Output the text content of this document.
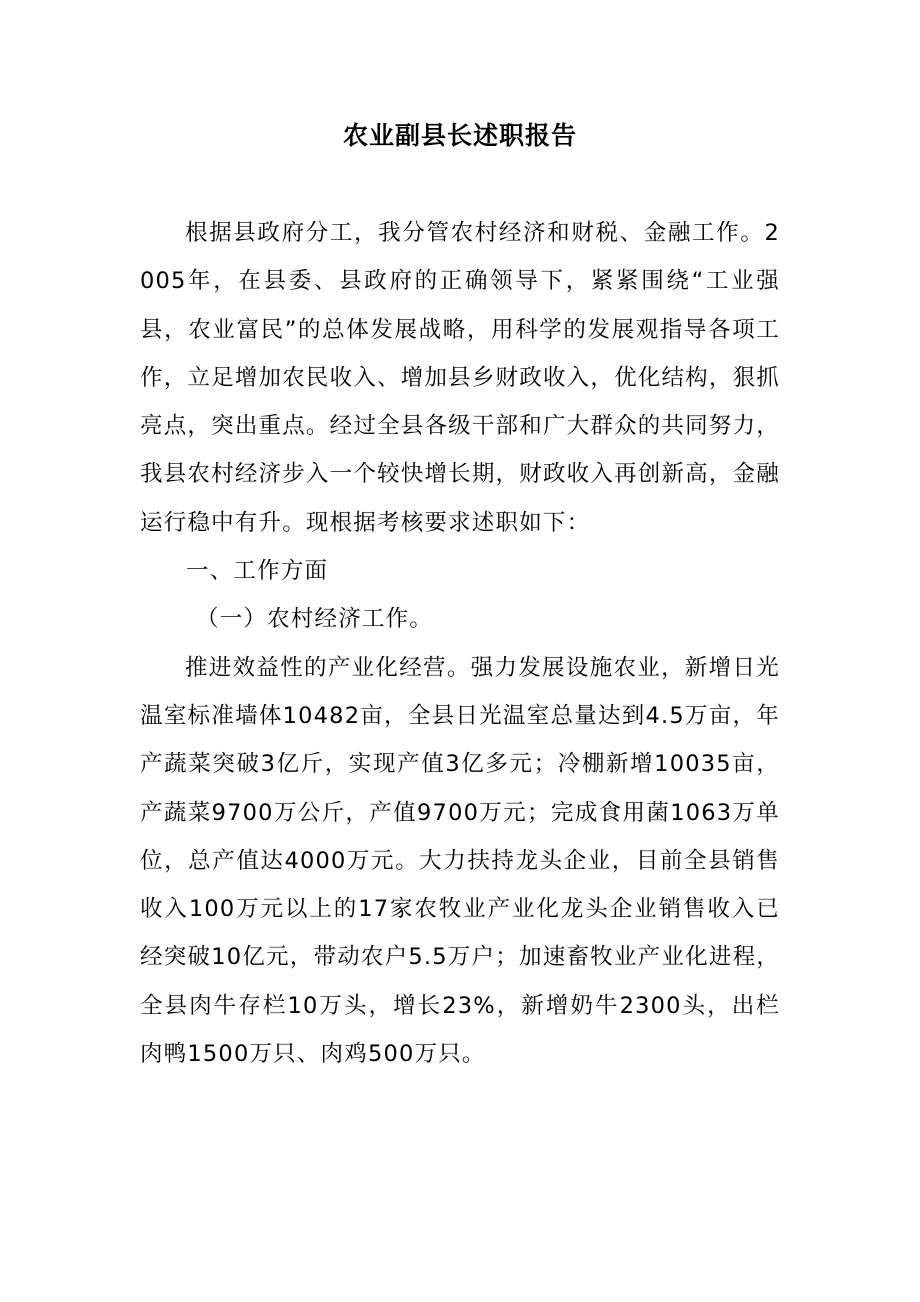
农业副县长述职报告

根据县政府分工，我分管农村经济和财税、金融工作。2005年，在县委、县政府的正确领导下，紧紧围绕“工业强县，农业富民”的总体发展战略，用科学的发展观指导各项工作，立足增加农民收入、增加县乡财政收入，优化结构，狠抓亮点，突出重点。经过全县各级干部和广大群众的共同努力，我县农村经济步入一个较快增长期，财政收入再创新高，金融运行稳中有升。现根据考核要求述职如下：

一、工作方面

（一）农村经济工作。

推进效益性的产业化经营。强力发展设施农业，新增日光温室标准墙体10482亩，全县日光温室总量达到4.5万亩，年产蔬菜突破3亿斤，实现产值3亿多元；冷棚新增10035亩，产蔬菜9700万公斤，产值9700万元；完成食用菌1063万单位，总产值达4000万元。大力扶持龙头企业，目前全县销售收入100万元以上的17家农牧业产业化龙头企业销售收入已经突破10亿元，带动农户5.5万户；加速畜牧业产业化进程，全县肉牛存栏10万头，增长23%，新增奶牛2300头，出栏肉鸭1500万只、肉鸡500万只。
